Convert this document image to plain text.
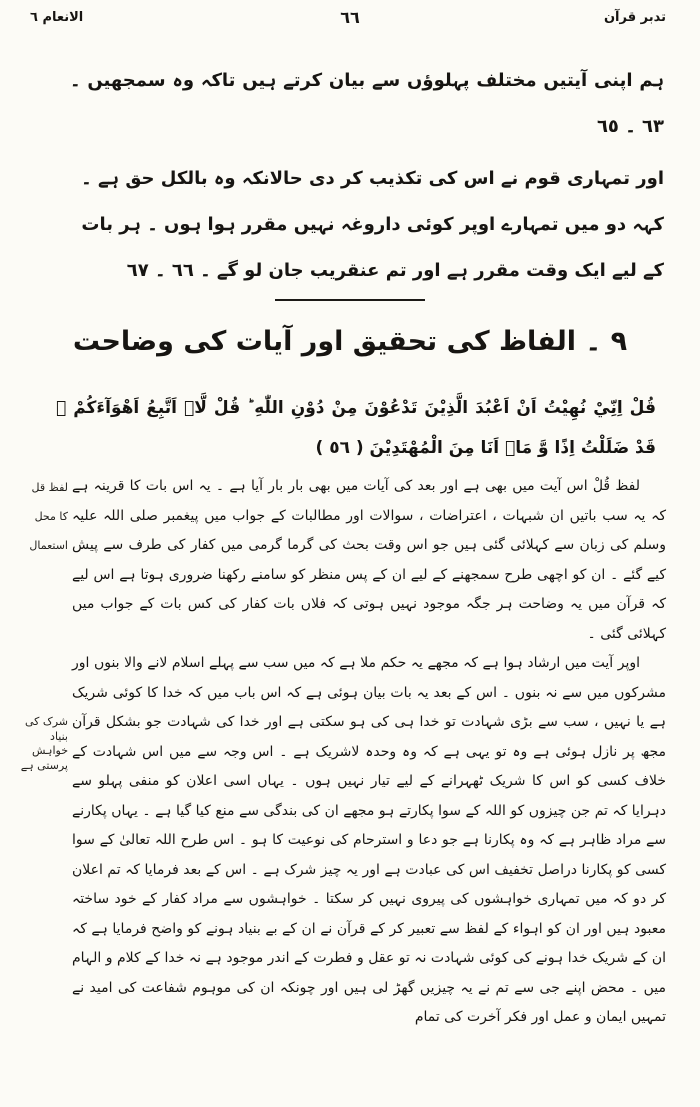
تدبر قرآن
٦٦
الانعام ٦

ہم اپنی آیتیں مختلف پہلوؤں سے بیان کرتے ہیں تاکہ وہ سمجھیں ۔ ٦٣ ۔ ٦٥

اور تمہاری قوم نے اس کی تکذیب کر دی حالانکہ وہ بالکل حق ہے ۔ کہہ دو میں تمہارے اوپر کوئی داروغہ نہیں مقرر ہوا ہوں ۔ ہر بات کے لیے ایک وقت مقرر ہے اور تم عنقریب جان لو گے ۔ ٦٦ ۔ ٦٧

٩ ۔ الفاظ کی تحقیق اور آیات کی وضاحت

قُلْ اِنِّيْ نُهِيْتُ اَنْ اَعْبُدَ الَّذِيْنَ تَدْعُوْنَ مِنْ دُوْنِ اللّٰهِ ؕ قُلْ لَّاۤ اَتَّبِعُ اَهْوَآءَكُمْ ۙ قَدْ ضَلَلْتُ اِذًا وَّ مَاۤ اَنَا مِنَ الْمُهْتَدِيْنَ ( ٥٦ )

لفظ قُلْ اس آیت میں بھی ہے اور بعد کی آیات میں بھی بار بار آیا ہے ۔ یہ اس بات کا قرینہ ہے کہ یہ سب باتیں ان شبہات ، اعتراضات ، سوالات اور مطالبات کے جواب میں پیغمبر صلی اللہ علیہ وسلم کی زبان سے کہلائی گئی ہیں جو اس وقت بحث کی گرما گرمی میں کفار کی طرف سے پیش کیے گئے ۔ ان کو اچھی طرح سمجھنے کے لیے ان کے پس منظر کو سامنے رکھنا ضروری ہوتا ہے اس لیے کہ قرآن میں یہ وضاحت ہر جگہ موجود نہیں ہوتی کہ فلاں بات کفار کی کس بات کے جواب میں کہلائی گئی ۔

اوپر آیت میں ارشاد ہوا ہے کہ مجھے یہ حکم ملا ہے کہ میں سب سے پہلے اسلام لانے والا بنوں اور مشرکوں میں سے نہ بنوں ۔ اس کے بعد یہ بات بیان ہوئی ہے کہ اس باب میں کہ خدا کا کوئی شریک ہے یا نہیں ، سب سے بڑی شہادت تو خدا ہی کی ہو سکتی ہے اور خدا کی شہادت جو بشکل قرآن مجھ پر نازل ہوئی ہے وہ تو یہی ہے کہ وہ وحدہ لاشریک ہے ۔ اس وجہ سے میں اس شہادت کے خلاف کسی کو اس کا شریک ٹھہرانے کے لیے تیار نہیں ہوں ۔ یہاں اسی اعلان کو منفی پہلو سے دہرایا کہ تم جن چیزوں کو اللہ کے سوا پکارتے ہو مجھے ان کی بندگی سے منع کیا گیا ہے ۔ یہاں پکارنے سے مراد ظاہر ہے کہ وہ پکارنا ہے جو دعا و استرحام کی نوعیت کا ہو ۔ اس طرح اللہ تعالیٰ کے سوا کسی کو پکارنا دراصل تخفیف اس کی عبادت ہے اور یہ چیز شرک ہے ۔ اس کے بعد فرمایا کہ تم اعلان کر دو کہ میں تمہاری خواہشوں کی پیروی نہیں کر سکتا ۔ خواہشوں سے مراد کفار کے خود ساختہ معبود ہیں اور ان کو اہواء کے لفظ سے تعبیر کر کے قرآن نے ان کے بے بنیاد ہونے کو واضح فرمایا ہے کہ ان کے شریک خدا ہونے کی کوئی شہادت نہ تو عقل و فطرت کے اندر موجود ہے نہ خدا کے کلام و الہام میں ۔ محض اپنے جی سے تم نے یہ چیزیں گھڑ لی ہیں اور چونکہ ان کی موہوم شفاعت کی امید نے تمہیں ایمان و عمل اور فکر آخرت کی تمام

لفظ قل
کا محل
استعمال
شرک کی بنیاد
خواہش پرستی ہے
